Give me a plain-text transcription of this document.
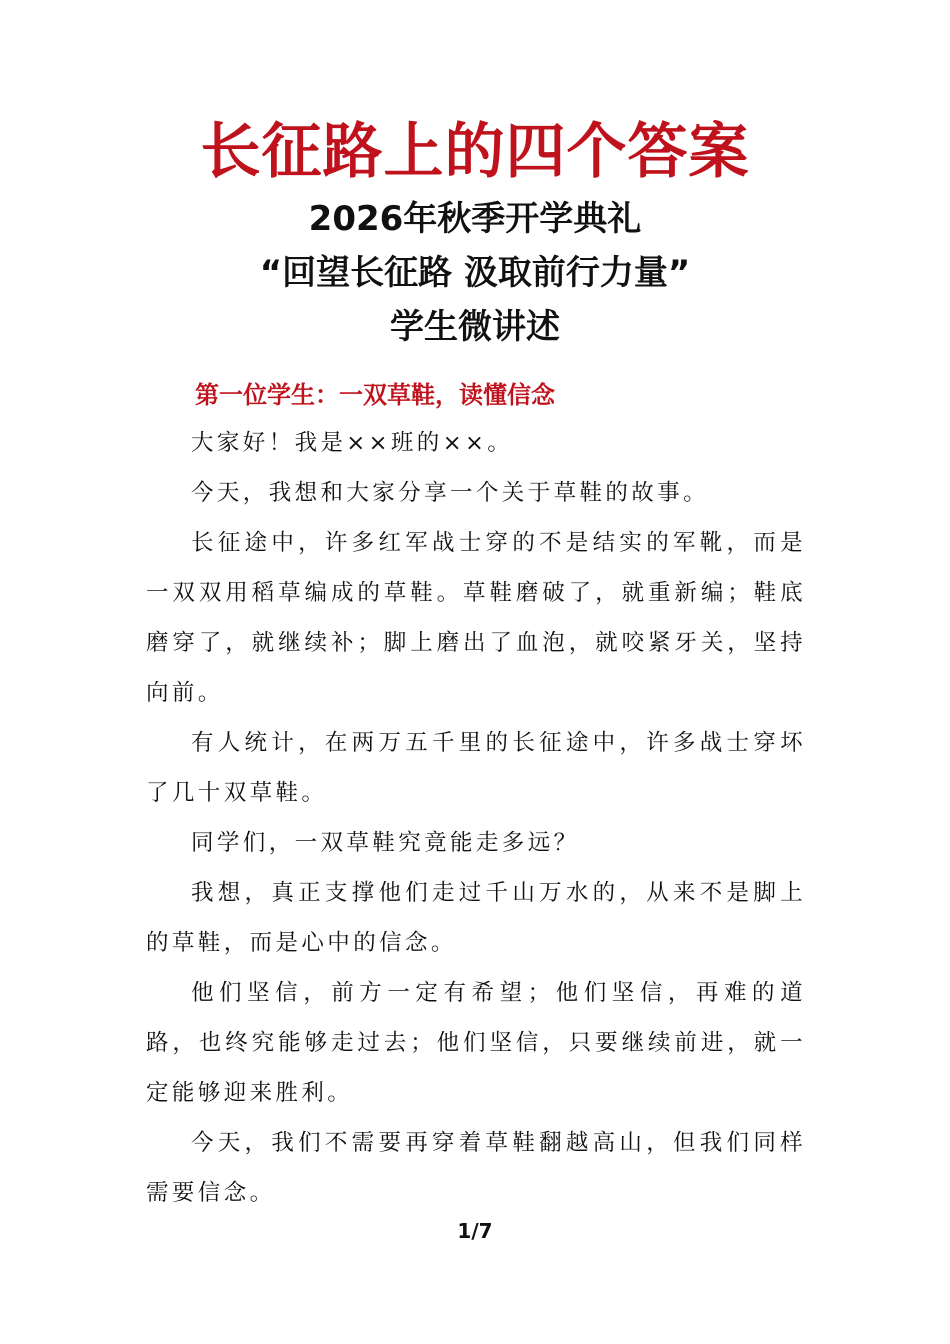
长征路上的四个答案
2026年秋季开学典礼
“回望长征路 汲取前行力量”
学生微讲述
第一位学生：一双草鞋，读懂信念

大家好！我是××班的××。

今天，我想和大家分享一个关于草鞋的故事。

长征途中，许多红军战士穿的不是结实的军靴，而是一双双用稻草编成的草鞋。草鞋磨破了，就重新编；鞋底磨穿了，就继续补；脚上磨出了血泡，就咬紧牙关，坚持向前。

有人统计，在两万五千里的长征途中，许多战士穿坏了几十双草鞋。

同学们，一双草鞋究竟能走多远？

我想，真正支撑他们走过千山万水的，从来不是脚上的草鞋，而是心中的信念。

他们坚信，前方一定有希望；他们坚信，再难的道路，也终究能够走过去；他们坚信，只要继续前进，就一定能够迎来胜利。

今天，我们不需要再穿着草鞋翻越高山，但我们同样需要信念。

1/7
